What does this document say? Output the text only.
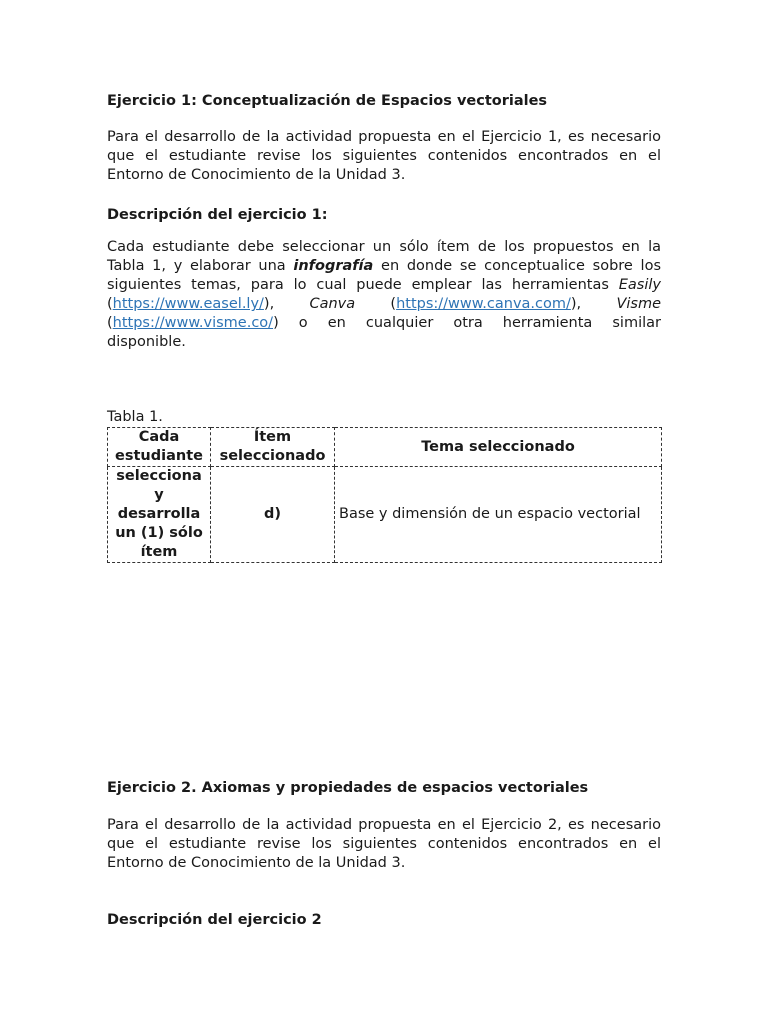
Ejercicio 1: Conceptualización de Espacios vectoriales
Para el desarrollo de la actividad propuesta en el Ejercicio 1, es necesario
que el estudiante revise los siguientes contenidos encontrados en el
Entorno de Conocimiento de la Unidad 3.
Descripción del ejercicio 1:
Cada estudiante debe seleccionar un sólo ítem de los propuestos en la
Tabla 1, y elaborar una infografía en donde se conceptualice sobre los
siguientes temas, para lo cual puede emplear las herramientas Easily
(https://www.easel.ly/), Canva (https://www.canva.com/), Visme
(https://www.visme.co/) o en cualquier otra herramienta similar
disponible.
Tabla 1.
Cada estudiante	Ítem seleccionado	Tema seleccionado
selecciona y desarrolla un (1) sólo ítem	d)	Base y dimensión de un espacio vectorial
Ejercicio 2. Axiomas y propiedades de espacios vectoriales
Para el desarrollo de la actividad propuesta en el Ejercicio 2, es necesario
que el estudiante revise los siguientes contenidos encontrados en el
Entorno de Conocimiento de la Unidad 3.
Descripción del ejercicio 2
